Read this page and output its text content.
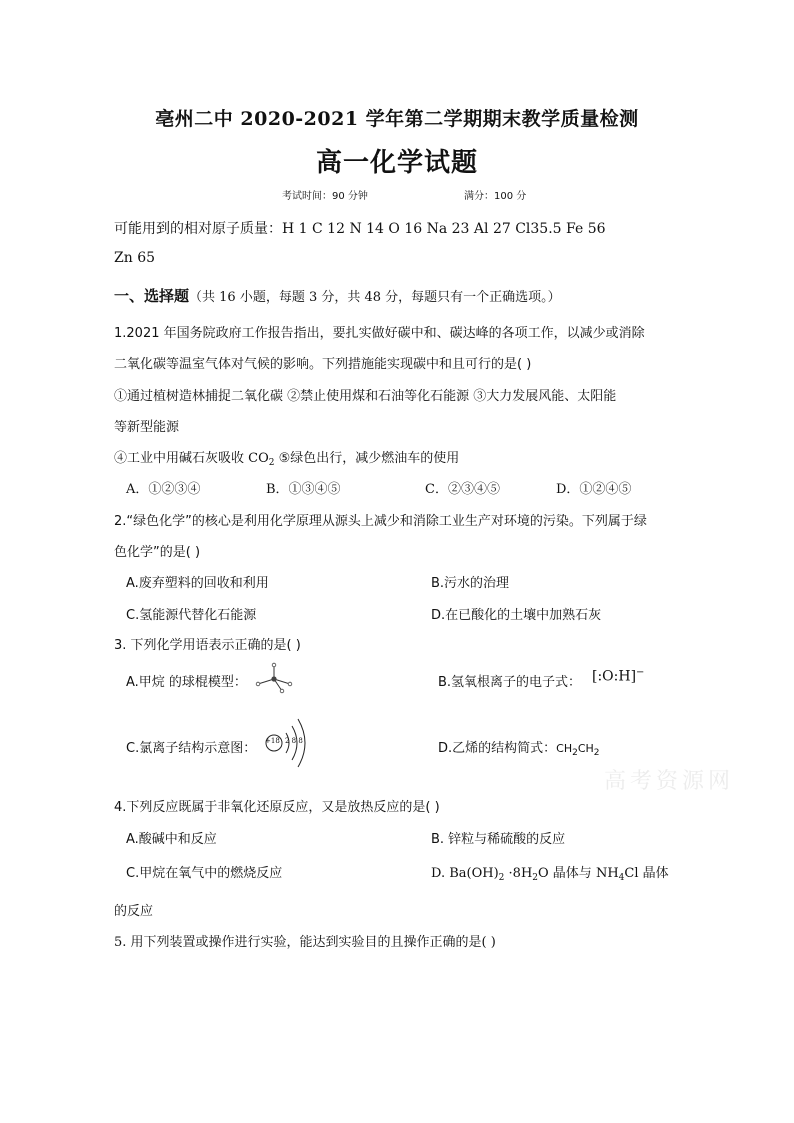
亳州二中 2020-2021 学年第二学期期末教学质量检测
高一化学试题
考试时间：90 分钟	满分：100 分
可能用到的相对原子质量：H 1 C 12 N 14 O 16 Na 23 Al 27 Cl35.5 Fe 56
Zn 65
一、选择题（共 16 小题，每题 3 分，共 48 分，每题只有一个正确选项。）
1.2021 年国务院政府工作报告指出，要扎实做好碳中和、碳达峰的各项工作，以减少或消除
二氧化碳等温室气体对气候的影响。下列措施能实现碳中和且可行的是( )
①通过植树造林捕捉二氧化碳 ②禁止使用煤和石油等化石能源 ③大力发展风能、太阳能
等新型能源
④工业中用碱石灰吸收 $CO_2$ ⑤绿色出行，减少燃油车的使用
A．①②③④	B．①③④⑤	C．②③④⑤	D．①②④⑤
2.“绿色化学”的核心是利用化学原理从源头上减少和消除工业生产对环境的污染。下列属于绿
色化学”的是( )
A.废弃塑料的回收和利用	B.污水的治理
C.氢能源代替化石能源	D.在已酸化的土壤中加熟石灰
3. 下列化学用语表示正确的是( )
A.甲烷 的球棍模型：	B.氢氧根离子的电子式： [:O:H]−
C.氯离子结构示意图： +18 2 8 8	D.乙烯的结构简式：$CH_2CH_2$
高考资源网
4.下列反应既属于非氧化还原反应，又是放热反应的是( )
A.酸碱中和反应	B. 锌粒与稀硫酸的反应
C.甲烷在氧气中的燃烧反应	D. $Ba(OH)_2 \cdot 8H_2O$ 晶体与 $NH_4Cl$ 晶体
的反应
5. 用下列装置或操作进行实验，能达到实验目的且操作正确的是( )
